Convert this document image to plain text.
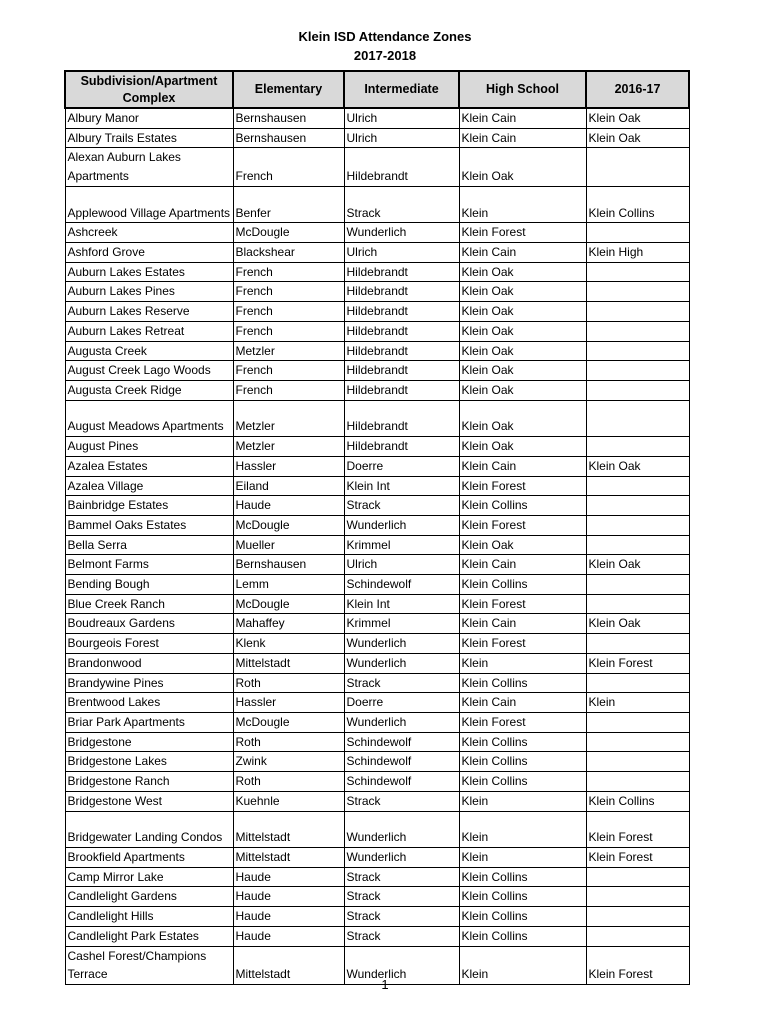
Klein ISD Attendance Zones
2017-2018
Subdivision/Apartment Complex	Elementary	Intermediate	High School	2016-17
Albury Manor	Bernshausen	Ulrich	Klein Cain	Klein Oak
Albury Trails Estates	Bernshausen	Ulrich	Klein Cain	Klein Oak
Alexan Auburn Lakes Apartments	French	Hildebrandt	Klein Oak	
Applewood Village Apartments	Benfer	Strack	Klein	Klein Collins
Ashcreek	McDougle	Wunderlich	Klein Forest	
Ashford Grove	Blackshear	Ulrich	Klein Cain	Klein High
Auburn Lakes Estates	French	Hildebrandt	Klein Oak	
Auburn Lakes Pines	French	Hildebrandt	Klein Oak	
Auburn Lakes Reserve	French	Hildebrandt	Klein Oak	
Auburn Lakes Retreat	French	Hildebrandt	Klein Oak	
Augusta Creek	Metzler	Hildebrandt	Klein Oak	
August Creek Lago Woods	French	Hildebrandt	Klein Oak	
Augusta Creek Ridge	French	Hildebrandt	Klein Oak	
August Meadows Apartments	Metzler	Hildebrandt	Klein Oak	
August Pines	Metzler	Hildebrandt	Klein Oak	
Azalea Estates	Hassler	Doerre	Klein Cain	Klein Oak
Azalea Village	Eiland	Klein Int	Klein Forest	
Bainbridge Estates	Haude	Strack	Klein Collins	
Bammel Oaks Estates	McDougle	Wunderlich	Klein Forest	
Bella Serra	Mueller	Krimmel	Klein Oak	
Belmont Farms	Bernshausen	Ulrich	Klein Cain	Klein Oak
Bending Bough	Lemm	Schindewolf	Klein Collins	
Blue Creek Ranch	McDougle	Klein Int	Klein Forest	
Boudreaux Gardens	Mahaffey	Krimmel	Klein Cain	Klein Oak
Bourgeois Forest	Klenk	Wunderlich	Klein Forest	
Brandonwood	Mittelstadt	Wunderlich	Klein	Klein Forest
Brandywine Pines	Roth	Strack	Klein Collins	
Brentwood Lakes	Hassler	Doerre	Klein Cain	Klein
Briar Park Apartments	McDougle	Wunderlich	Klein Forest	
Bridgestone	Roth	Schindewolf	Klein Collins	
Bridgestone Lakes	Zwink	Schindewolf	Klein Collins	
Bridgestone Ranch	Roth	Schindewolf	Klein Collins	
Bridgestone West	Kuehnle	Strack	Klein	Klein Collins
Bridgewater Landing Condos	Mittelstadt	Wunderlich	Klein	Klein Forest
Brookfield Apartments	Mittelstadt	Wunderlich	Klein	Klein Forest
Camp Mirror Lake	Haude	Strack	Klein Collins	
Candlelight Gardens	Haude	Strack	Klein Collins	
Candlelight Hills	Haude	Strack	Klein Collins	
Candlelight Park Estates	Haude	Strack	Klein Collins	
Cashel Forest/Champions Terrace	Mittelstadt	Wunderlich	Klein	Klein Forest
1
